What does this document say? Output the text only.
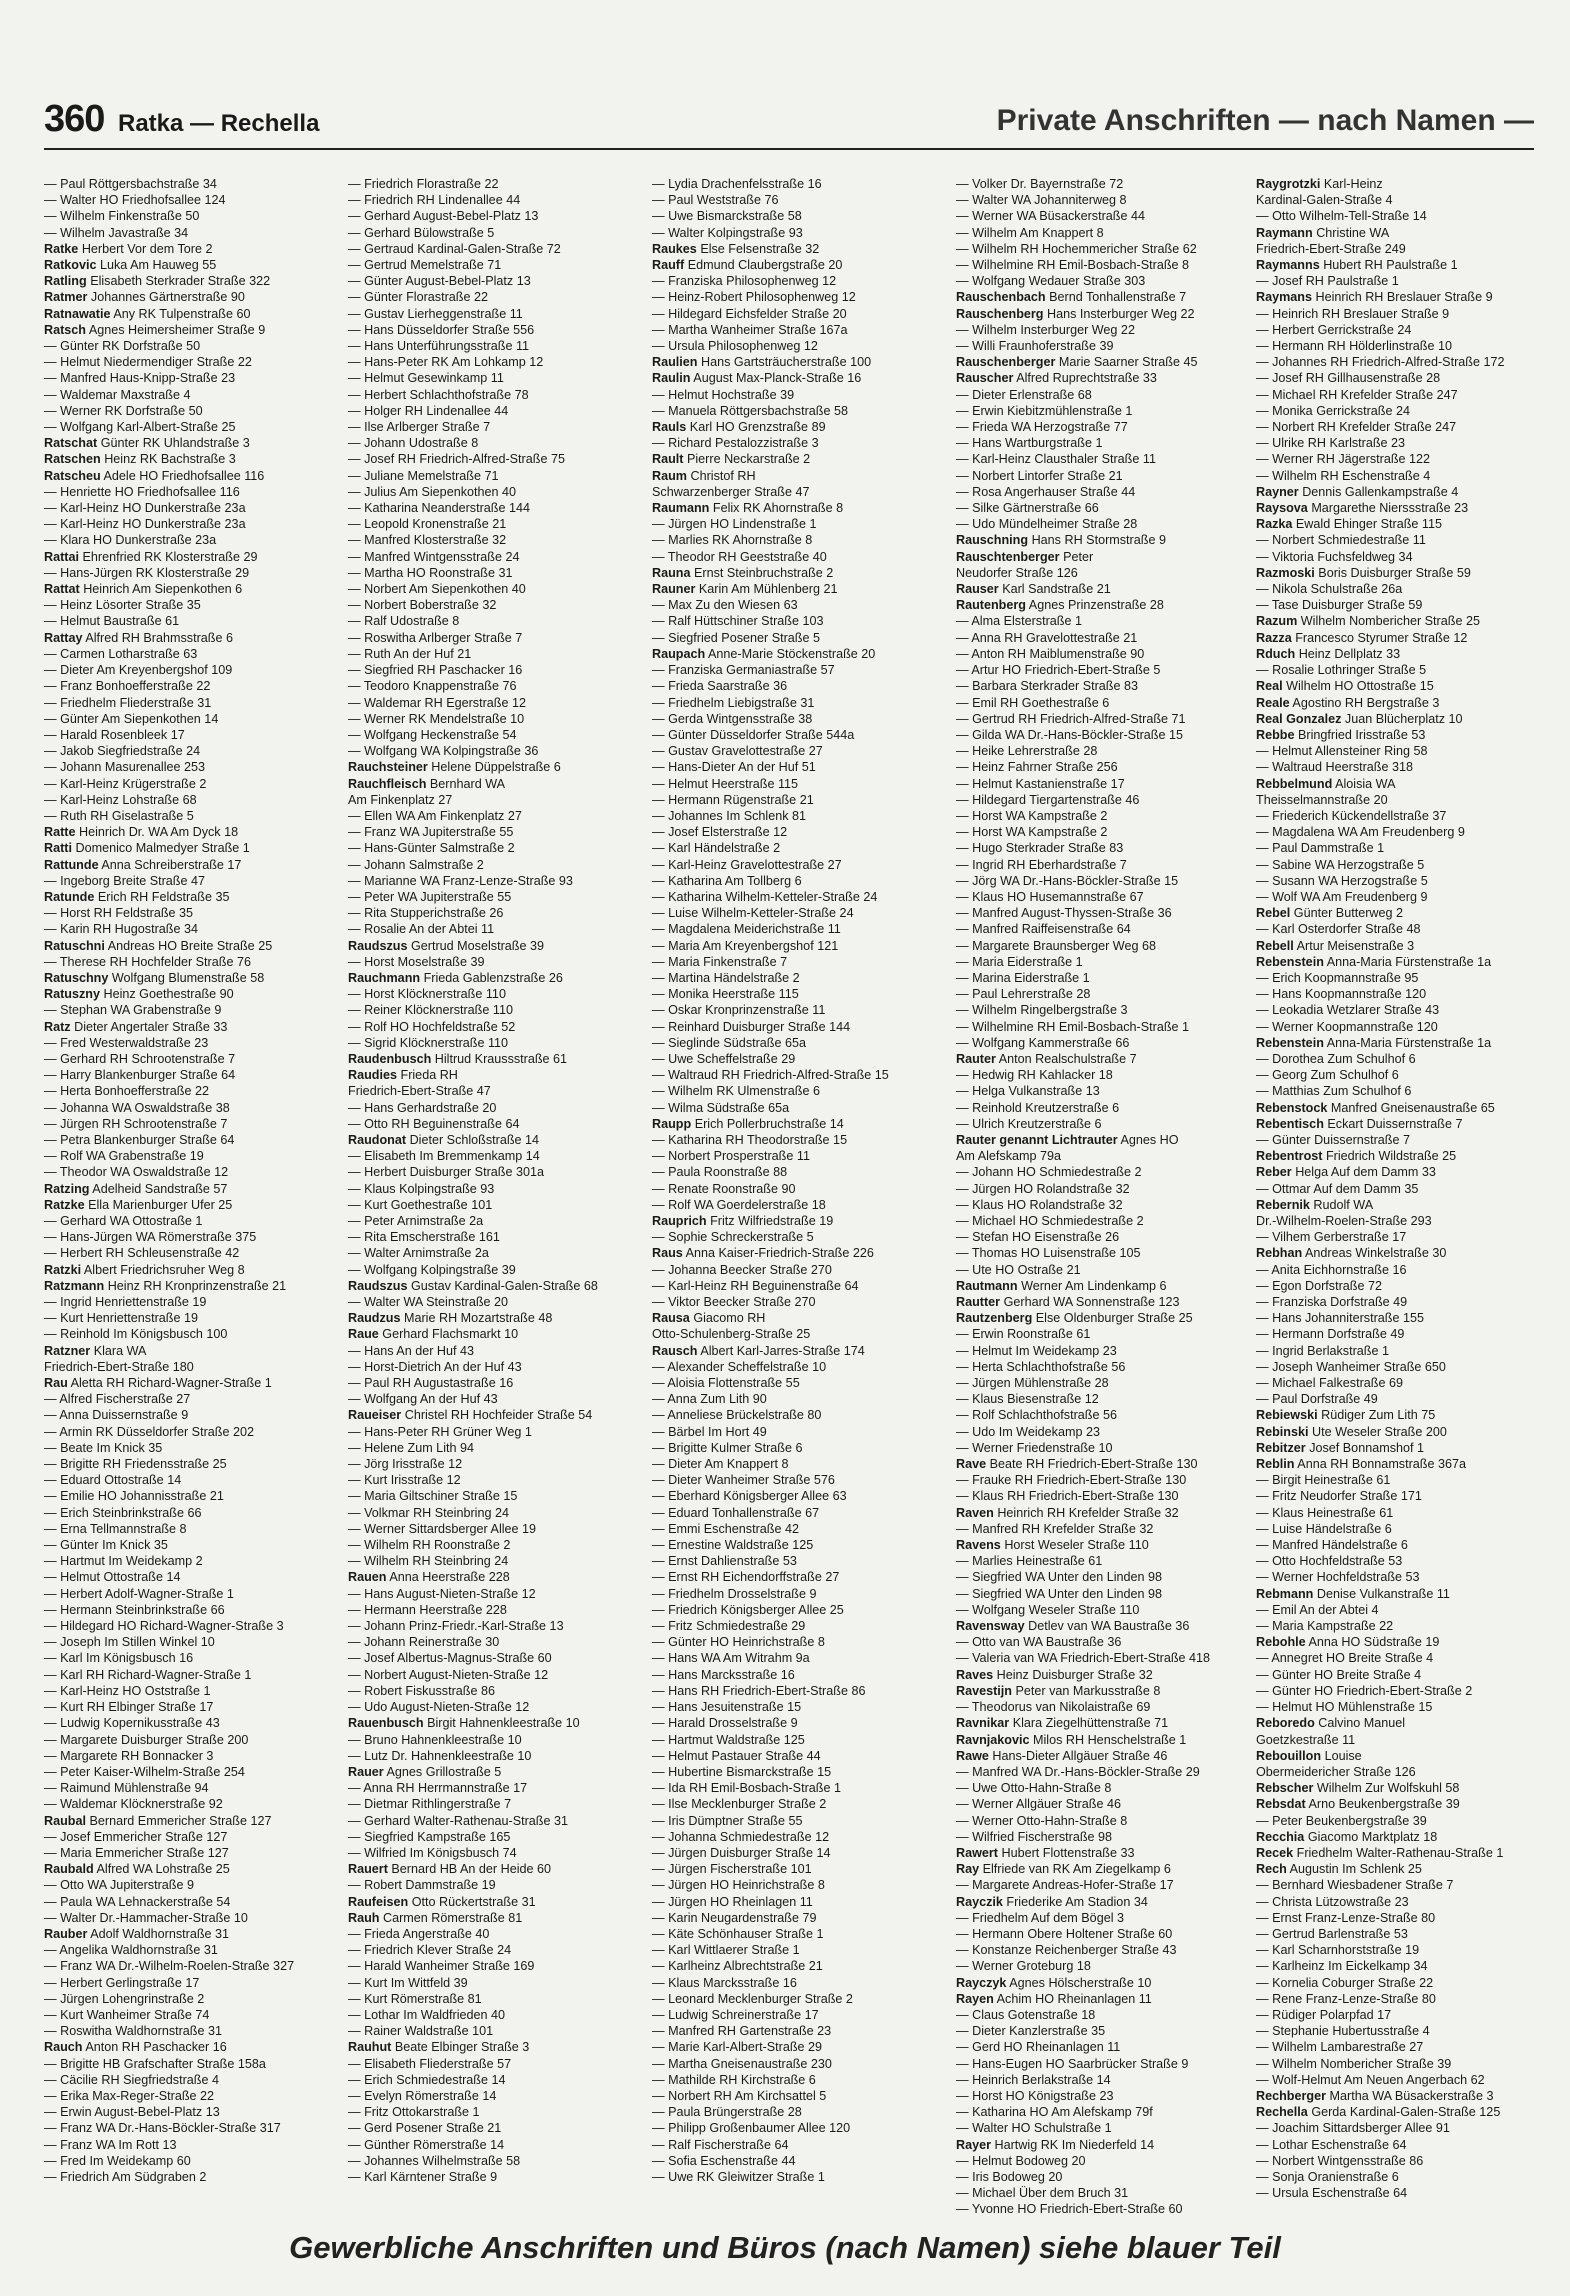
360 Ratka — Rechella	Private Anschriften — nach Namen —
— Paul Röttgersbachstraße 34
— Walter HO Friedhofsallee 124
— Wilhelm Finkenstraße 50
— Wilhelm Javastraße 34
Ratke Herbert Vor dem Tore 2
Ratkovic Luka Am Hauweg 55
Ratling Elisabeth Sterkrader Straße 322
Ratmer Johannes Gärtnerstraße 90
Ratnawatie Any RK Tulpenstraße 60
Ratsch Agnes Heimersheimer Straße 9
— Günter RK Dorfstraße 50
— Helmut Niedermendiger Straße 22
— Manfred Haus-Knipp-Straße 23
— Waldemar Maxstraße 4
— Werner RK Dorfstraße 50
— Wolfgang Karl-Albert-Straße 25
Ratschat Günter RK Uhlandstraße 3
Ratschen Heinz RK Bachstraße 3
Ratscheu Adele HO Friedhofsallee 116
— Henriette HO Friedhofsallee 116
— Karl-Heinz HO Dunkerstraße 23a
— Karl-Heinz HO Dunkerstraße 23a
— Klara HO Dunkerstraße 23a
Rattai Ehrenfried RK Klosterstraße 29
— Hans-Jürgen RK Klosterstraße 29
Rattat Heinrich Am Siepenkothen 6
— Heinz Lösorter Straße 35
— Helmut Baustraße 61
Rattay Alfred RH Brahmsstraße 6
— Carmen Lotharstraße 63
— Dieter Am Kreyenbergshof 109
— Franz Bonhoefferstraße 22
— Friedhelm Fliederstraße 31
— Günter Am Siepenkothen 14
— Harald Rosenbleek 17
— Jakob Siegfriedstraße 24
— Johann Masurenallee 253
— Karl-Heinz Krügerstraße 2
— Karl-Heinz Lohstraße 68
— Ruth RH Giselastraße 5
Ratte Heinrich Dr. WA Am Dyck 18
Ratti Domenico Malmedyer Straße 1
Rattunde Anna Schreiberstraße 17
— Ingeborg Breite Straße 47
Ratunde Erich RH Feldstraße 35
— Horst RH Feldstraße 35
— Karin RH Hugostraße 34
Ratuschni Andreas HO Breite Straße 25
— Therese RH Hochfelder Straße 76
Ratuschny Wolfgang Blumenstraße 58
Ratuszny Heinz Goethestraße 90
— Stephan WA Grabenstraße 9
Ratz Dieter Angertaler Straße 33
— Fred Westerwaldstraße 23
— Gerhard RH Schrootenstraße 7
— Harry Blankenburger Straße 64
— Herta Bonhoefferstraße 22
— Johanna WA Oswaldstraße 38
— Jürgen RH Schrootenstraße 7
— Petra Blankenburger Straße 64
— Rolf WA Grabenstraße 19
— Theodor WA Oswaldstraße 12
Ratzing Adelheid Sandstraße 57
Ratzke Ella Marienburger Ufer 25
— Gerhard WA Ottostraße 1
— Hans-Jürgen WA Römerstraße 375
— Herbert RH Schleusenstraße 42
Ratzki Albert Friedrichsruher Weg 8
Ratzmann Heinz RH Kronprinzenstraße 21
— Ingrid Henriettenstraße 19
— Kurt Henriettenstraße 19
— Reinhold Im Königsbusch 100
Ratzner Klara WA
Friedrich-Ebert-Straße 180
Rau Aletta RH Richard-Wagner-Straße 1
— Alfred Fischerstraße 27
— Anna Duissernstraße 9
— Armin RK Düsseldorfer Straße 202
— Beate Im Knick 35
— Brigitte RH Friedensstraße 25
— Eduard Ottostraße 14
— Emilie HO Johannisstraße 21
— Erich Steinbrinkstraße 66
— Erna Tellmannstraße 8
— Günter Im Knick 35
— Hartmut Im Weidekamp 2
— Helmut Ottostraße 14
— Herbert Adolf-Wagner-Straße 1
— Hermann Steinbrinkstraße 66
— Hildegard HO Richard-Wagner-Straße 3
— Joseph Im Stillen Winkel 10
— Karl Im Königsbusch 16
— Karl RH Richard-Wagner-Straße 1
— Karl-Heinz HO Oststraße 1
— Kurt RH Elbinger Straße 17
— Ludwig Kopernikusstraße 43
— Margarete Duisburger Straße 200
— Margarete RH Bonnacker 3
— Peter Kaiser-Wilhelm-Straße 254
— Raimund Mühlenstraße 94
— Waldemar Klöcknerstraße 92
Raubal Bernard Emmericher Straße 127
— Josef Emmericher Straße 127
— Maria Emmericher Straße 127
Raubald Alfred WA Lohstraße 25
— Otto WA Jupiterstraße 9
— Paula WA Lehnackerstraße 54
— Walter Dr.-Hammacher-Straße 10
Rauber Adolf Waldhornstraße 31
— Angelika Waldhornstraße 31
— Franz WA Dr.-Wilhelm-Roelen-Straße 327
— Herbert Gerlingstraße 17
— Jürgen Lohengrinstraße 2
— Kurt Wanheimer Straße 74
— Roswitha Waldhornstraße 31
Rauch Anton RH Paschacker 16
— Brigitte HB Grafschafter Straße 158a
— Cäcilie RH Siegfriedstraße 4
— Erika Max-Reger-Straße 22
— Erwin August-Bebel-Platz 13
— Franz WA Dr.-Hans-Böckler-Straße 317
— Franz WA Im Rott 13
— Fred Im Weidekamp 60
— Friedrich Am Südgraben 2
— Friedrich Florastraße 22
— Friedrich RH Lindenallee 44
— Gerhard August-Bebel-Platz 13
— Gerhard Bülowstraße 5
— Gertraud Kardinal-Galen-Straße 72
— Gertrud Memelstraße 71
— Günter August-Bebel-Platz 13
— Günter Florastraße 22
— Gustav Lierheggenstraße 11
— Hans Düsseldorfer Straße 556
— Hans Unterführungsstraße 11
— Hans-Peter RK Am Lohkamp 12
— Helmut Gesewinkamp 11
— Herbert Schlachthofstraße 78
— Holger RH Lindenallee 44
— Ilse Arlberger Straße 7
— Johann Udostraße 8
— Josef RH Friedrich-Alfred-Straße 75
— Juliane Memelstraße 71
— Julius Am Siepenkothen 40
— Katharina Neanderstraße 144
— Leopold Kronenstraße 21
— Manfred Klosterstraße 32
— Manfred Wintgensstraße 24
— Martha HO Roonstraße 31
— Norbert Am Siepenkothen 40
— Norbert Boberstraße 32
— Ralf Udostraße 8
— Roswitha Arlberger Straße 7
— Ruth An der Huf 21
— Siegfried RH Paschacker 16
— Teodoro Knappenstraße 76
— Waldemar RH Egerstraße 12
— Werner RK Mendelstraße 10
— Wolfgang Heckenstraße 54
— Wolfgang WA Kolpingstraße 36
Rauchsteiner Helene Düppelstraße 6
Rauchfleisch Bernhard WA
Am Finkenplatz 27
— Ellen WA Am Finkenplatz 27
— Franz WA Jupiterstraße 55
— Hans-Günter Salmstraße 2
— Johann Salmstraße 2
— Marianne WA Franz-Lenze-Straße 93
— Peter WA Jupiterstraße 55
— Rita Stupperichstraße 26
— Rosalie An der Abtei 11
Raudszus Gertrud Moselstraße 39
— Horst Moselstraße 39
Rauchmann Frieda Gablenzstraße 26
— Horst Klöcknerstraße 110
— Reiner Klöcknerstraße 110
— Rolf HO Hochfeldstraße 52
— Sigrid Klöcknerstraße 110
Raudenbusch Hiltrud Kraussstraße 61
Raudies Frieda RH
Friedrich-Ebert-Straße 47
— Hans Gerhardstraße 20
— Otto RH Beguinenstraße 64
Raudonat Dieter Schloßstraße 14
— Elisabeth Im Bremmenkamp 14
— Herbert Duisburger Straße 301a
— Klaus Kolpingstraße 93
— Kurt Goethestraße 101
— Peter Arnimstraße 2a
— Rita Emscherstraße 161
— Walter Arnimstraße 2a
— Wolfgang Kolpingstraße 39
Raudszus Gustav Kardinal-Galen-Straße 68
— Walter WA Steinstraße 20
Raudzus Marie RH Mozartstraße 48
Raue Gerhard Flachsmarkt 10
— Hans An der Huf 43
— Horst-Dietrich An der Huf 43
— Paul RH Augustastraße 16
— Wolfgang An der Huf 43
Raueiser Christel RH Hochfeider Straße 54
— Hans-Peter RH Grüner Weg 1
— Helene Zum Lith 94
— Jörg Irisstraße 12
— Kurt Irisstraße 12
— Maria Giltschiner Straße 15
— Volkmar RH Steinbring 24
— Werner Sittardsberger Allee 19
— Wilhelm RH Roonstraße 2
— Wilhelm RH Steinbring 24
Rauen Anna Heerstraße 228
— Hans August-Nieten-Straße 12
— Hermann Heerstraße 228
— Johann Prinz-Friedr.-Karl-Straße 13
— Johann Reinerstraße 30
— Josef Albertus-Magnus-Straße 60
— Norbert August-Nieten-Straße 12
— Robert Fiskusstraße 86
— Udo August-Nieten-Straße 12
Rauenbusch Birgit Hahnenkleestraße 10
— Bruno Hahnenkleestraße 10
— Lutz Dr. Hahnenkleestraße 10
Rauer Agnes Grillostraße 5
— Anna RH Herrmannstraße 17
— Dietmar Rithlingerstraße 7
— Gerhard Walter-Rathenau-Straße 31
— Siegfried Kampstraße 165
— Wilfried Im Königsbusch 74
Rauert Bernard HB An der Heide 60
— Robert Dammstraße 19
Raufeisen Otto Rückertstraße 31
Rauh Carmen Römerstraße 81
— Frieda Angerstraße 40
— Friedrich Klever Straße 24
— Harald Wanheimer Straße 169
— Kurt Im Wittfeld 39
— Kurt Römerstraße 81
— Lothar Im Waldfrieden 40
— Rainer Waldstraße 101
Rauhut Beate Elbinger Straße 3
— Elisabeth Fliederstraße 57
— Erich Schmiedestraße 14
— Evelyn Römerstraße 14
— Fritz Ottokarstraße 1
— Gerd Posener Straße 21
— Günther Römerstraße 14
— Johannes Wilhelmstraße 58
— Karl Kärntener Straße 9
— Lydia Drachenfelsstraße 16
— Paul Weststraße 76
— Uwe Bismarckstraße 58
— Walter Kolpingstraße 93
Raukes Else Felsenstraße 32
Rauff Edmund Claubergstraße 20
— Franziska Philosophenweg 12
— Heinz-Robert Philosophenweg 12
— Hildegard Eichsfelder Straße 20
— Martha Wanheimer Straße 167a
— Ursula Philosophenweg 12
Raulien Hans Gartsträucherstraße 100
Raulin August Max-Planck-Straße 16
— Helmut Hochstraße 39
— Manuela Röttgersbachstraße 58
Rauls Karl HO Grenzstraße 89
— Richard Pestalozzistraße 3
Rault Pierre Neckarstraße 2
Raum Christof RH
Schwarzenberger Straße 47
Raumann Felix RK Ahornstraße 8
— Jürgen HO Lindenstraße 1
— Marlies RK Ahornstraße 8
— Theodor RH Geeststraße 40
Rauna Ernst Steinbruchstraße 2
Rauner Karin Am Mühlenberg 21
— Max Zu den Wiesen 63
— Ralf Hüttschiner Straße 103
— Siegfried Posener Straße 5
Raupach Anne-Marie Stöckenstraße 20
— Franziska Germaniastraße 57
— Frieda Saarstraße 36
— Friedhelm Liebigstraße 31
— Gerda Wintgensstraße 38
— Günter Düsseldorfer Straße 544a
— Gustav Gravelottestraße 27
— Hans-Dieter An der Huf 51
— Helmut Heerstraße 115
— Hermann Rügenstraße 21
— Johannes Im Schlenk 81
— Josef Elsterstraße 12
— Karl Händelstraße 2
— Karl-Heinz Gravelottestraße 27
— Katharina Am Tollberg 6
— Katharina Wilhelm-Ketteler-Straße 24
— Luise Wilhelm-Ketteler-Straße 24
— Magdalena Meiderichstraße 11
— Maria Am Kreyenbergshof 121
— Maria Finkenstraße 7
— Martina Händelstraße 2
— Monika Heerstraße 115
— Oskar Kronprinzenstraße 11
— Reinhard Duisburger Straße 144
— Sieglinde Südstraße 65a
— Uwe Scheffelstraße 29
— Waltraud RH Friedrich-Alfred-Straße 15
— Wilhelm RK Ulmenstraße 6
— Wilma Südstraße 65a
Raupp Erich Pollerbruchstraße 14
— Katharina RH Theodorstraße 15
— Norbert Prosperstraße 11
— Paula Roonstraße 88
— Renate Roonstraße 90
— Rolf WA Goerdelerstraße 18
Rauprich Fritz Wilfriedstraße 19
— Sophie Schreckerstraße 5
Raus Anna Kaiser-Friedrich-Straße 226
— Johanna Beecker Straße 270
— Karl-Heinz RH Beguinenstraße 64
— Viktor Beecker Straße 270
Rausa Giacomo RH
Otto-Schulenberg-Straße 25
Rausch Albert Karl-Jarres-Straße 174
— Alexander Scheffelstraße 10
— Aloisia Flottenstraße 55
— Anna Zum Lith 90
— Anneliese Brückelstraße 80
— Bärbel Im Hort 49
— Brigitte Kulmer Straße 6
— Dieter Am Knappert 8
— Dieter Wanheimer Straße 576
— Eberhard Königsberger Allee 63
— Eduard Tonhallenstraße 67
— Emmi Eschenstraße 42
— Ernestine Waldstraße 125
— Ernst Dahlienstraße 53
— Ernst RH Eichendorffstraße 27
— Friedhelm Drosselstraße 9
— Friedrich Königsberger Allee 25
— Fritz Schmiedestraße 29
— Günter HO Heinrichstraße 8
— Hans WA Am Witrahm 9a
— Hans Marcksstraße 16
— Hans RH Friedrich-Ebert-Straße 86
— Hans Jesuitenstraße 15
— Harald Drosselstraße 9
— Hartmut Waldstraße 125
— Helmut Pastauer Straße 44
— Hubertine Bismarckstraße 15
— Ida RH Emil-Bosbach-Straße 1
— Ilse Mecklenburger Straße 2
— Iris Dümptner Straße 55
— Johanna Schmiedestraße 12
— Jürgen Duisburger Straße 14
— Jürgen Fischerstraße 101
— Jürgen HO Heinrichstraße 8
— Jürgen HO Rheinlagen 11
— Karin Neugardenstraße 79
— Käte Schönhauser Straße 1
— Karl Wittlaerer Straße 1
— Karlheinz Albrechtstraße 21
— Klaus Marcksstraße 16
— Leonard Mecklenburger Straße 2
— Ludwig Schreinerstraße 17
— Manfred RH Gartenstraße 23
— Marie Karl-Albert-Straße 29
— Martha Gneisenaustraße 230
— Mathilde RH Kirchstraße 6
— Norbert RH Am Kirchsattel 5
— Paula Brüngerstraße 28
— Philipp Großenbaumer Allee 120
— Ralf Fischerstraße 64
— Sofia Eschenstraße 44
— Uwe RK Gleiwitzer Straße 1
— Volker Dr. Bayernstraße 72
— Walter WA Johanniterweg 8
— Werner WA Büsackerstraße 44
— Wilhelm Am Knappert 8
— Wilhelm RH Hochemmericher Straße 62
— Wilhelmine RH Emil-Bosbach-Straße 8
— Wolfgang Wedauer Straße 303
Rauschenbach Bernd Tonhallenstraße 7
Rauschenberg Hans Insterburger Weg 22
— Wilhelm Insterburger Weg 22
— Willi Fraunhoferstraße 39
Rauschenberger Marie Saarner Straße 45
Rauscher Alfred Ruprechtstraße 33
— Dieter Erlenstraße 68
— Erwin Kiebitzmühlenstraße 1
— Frieda WA Herzogstraße 77
— Hans Wartburgstraße 1
— Karl-Heinz Clausthaler Straße 11
— Norbert Lintorfer Straße 21
— Rosa Angerhauser Straße 44
— Silke Gärtnerstraße 66
— Udo Mündelheimer Straße 28
Rauschning Hans RH Stormstraße 9
Rauschtenberger Peter
Neudorfer Straße 126
Rauser Karl Sandstraße 21
Rautenberg Agnes Prinzenstraße 28
— Alma Elsterstraße 1
— Anna RH Gravelottestraße 21
— Anton RH Maiblumenstraße 90
— Artur HO Friedrich-Ebert-Straße 5
— Barbara Sterkrader Straße 83
— Emil RH Goethestraße 6
— Gertrud RH Friedrich-Alfred-Straße 71
— Gilda WA Dr.-Hans-Böckler-Straße 15
— Heike Lehrerstraße 28
— Heinz Fahrner Straße 256
— Helmut Kastanienstraße 17
— Hildegard Tiergartenstraße 46
— Horst WA Kampstraße 2
— Horst WA Kampstraße 2
— Hugo Sterkrader Straße 83
— Ingrid RH Eberhardstraße 7
— Jörg WA Dr.-Hans-Böckler-Straße 15
— Klaus HO Husemannstraße 67
— Manfred August-Thyssen-Straße 36
— Manfred Raiffeisenstraße 64
— Margarete Braunsberger Weg 68
— Maria Eiderstraße 1
— Marina Eiderstraße 1
— Paul Lehrerstraße 28
— Wilhelm Ringelbergstraße 3
— Wilhelmine RH Emil-Bosbach-Straße 1
— Wolfgang Kammerstraße 66
Rauter Anton Realschulstraße 7
— Hedwig RH Kahlacker 18
— Helga Vulkanstraße 13
— Reinhold Kreutzerstraße 6
— Ulrich Kreutzerstraße 6
Rauter genannt Lichtrauter Agnes HO
Am Alefskamp 79a
— Johann HO Schmiedestraße 2
— Jürgen HO Rolandstraße 32
— Klaus HO Rolandstraße 32
— Michael HO Schmiedestraße 2
— Stefan HO Eisenstraße 26
— Thomas HO Luisenstraße 105
— Ute HO Ostraße 21
Rautmann Werner Am Lindenkamp 6
Rautter Gerhard WA Sonnenstraße 123
Rautzenberg Else Oldenburger Straße 25
— Erwin Roonstraße 61
— Helmut Im Weidekamp 23
— Herta Schlachthofstraße 56
— Jürgen Mühlenstraße 28
— Klaus Biesenstraße 12
— Rolf Schlachthofstraße 56
— Udo Im Weidekamp 23
— Werner Friedenstraße 10
Rave Beate RH Friedrich-Ebert-Straße 130
— Frauke RH Friedrich-Ebert-Straße 130
— Klaus RH Friedrich-Ebert-Straße 130
Raven Heinrich RH Krefelder Straße 32
— Manfred RH Krefelder Straße 32
Ravens Horst Weseler Straße 110
— Marlies Heinestraße 61
— Siegfried WA Unter den Linden 98
— Siegfried WA Unter den Linden 98
— Wolfgang Weseler Straße 110
Ravensway Detlev van WA Baustraße 36
— Otto van WA Baustraße 36
— Valeria van WA Friedrich-Ebert-Straße 418
Raves Heinz Duisburger Straße 32
Ravestijn Peter van Markusstraße 8
— Theodorus van Nikolaistraße 69
Ravnikar Klara Ziegelhüttenstraße 71
Ravnjakovic Milos RH Henschelstraße 1
Rawe Hans-Dieter Allgäuer Straße 46
— Manfred WA Dr.-Hans-Böckler-Straße 29
— Uwe Otto-Hahn-Straße 8
— Werner Allgäuer Straße 46
— Werner Otto-Hahn-Straße 8
— Wilfried Fischerstraße 98
Rawert Hubert Flottenstraße 33
Ray Elfriede van RK Am Ziegelkamp 6
— Margarete Andreas-Hofer-Straße 17
Rayczik Friederike Am Stadion 34
— Friedhelm Auf dem Bögel 3
— Hermann Obere Holtener Straße 60
— Konstanze Reichenberger Straße 43
— Werner Groteburg 18
Rayczyk Agnes Hölscherstraße 10
Rayen Achim HO Rheinanlagen 11
— Claus Gotenstraße 18
— Dieter Kanzlerstraße 35
— Gerd HO Rheinanlagen 11
— Hans-Eugen HO Saarbrücker Straße 9
— Heinrich Berlakstraße 14
— Horst HO Königstraße 23
— Katharina HO Am Alefskamp 79f
— Walter HO Schulstraße 1
Rayer Hartwig RK Im Niederfeld 14
— Helmut Bodoweg 20
— Iris Bodoweg 20
— Michael Über dem Bruch 31
— Yvonne HO Friedrich-Ebert-Straße 60
Raygrotzki Karl-Heinz
Kardinal-Galen-Straße 4
— Otto Wilhelm-Tell-Straße 14
Raymann Christine WA
Friedrich-Ebert-Straße 249
Raymanns Hubert RH Paulstraße 1
— Josef RH Paulstraße 1
Raymans Heinrich RH Breslauer Straße 9
— Heinrich RH Breslauer Straße 9
— Herbert Gerrickstraße 24
— Hermann RH Hölderlinstraße 10
— Johannes RH Friedrich-Alfred-Straße 172
— Josef RH Gillhausenstraße 28
— Michael RH Krefelder Straße 247
— Monika Gerrickstraße 24
— Norbert RH Krefelder Straße 247
— Ulrike RH Karlstraße 23
— Werner RH Jägerstraße 122
— Wilhelm RH Eschenstraße 4
Rayner Dennis Gallenkampstraße 4
Raysova Margarethe Nierssstraße 23
Razka Ewald Ehinger Straße 115
— Norbert Schmiedestraße 11
— Viktoria Fuchsfeldweg 34
Razmoski Boris Duisburger Straße 59
— Nikola Schulstraße 26a
— Tase Duisburger Straße 59
Razum Wilhelm Nombericher Straße 25
Razza Francesco Styrumer Straße 12
Rduch Heinz Dellplatz 33
— Rosalie Lothringer Straße 5
Real Wilhelm HO Ottostraße 15
Reale Agostino RH Bergstraße 3
Real Gonzalez Juan Blücherplatz 10
Rebbe Bringfried Irisstraße 53
— Helmut Allensteiner Ring 58
— Waltraud Heerstraße 318
Rebbelmund Aloisia WA
Theisselmannstraße 20
— Friederich Kückendellstraße 37
— Magdalena WA Am Freudenberg 9
— Paul Dammstraße 1
— Sabine WA Herzogstraße 5
— Susann WA Herzogstraße 5
— Wolf WA Am Freudenberg 9
Rebel Günter Butterweg 2
— Karl Osterdorfer Straße 48
Rebell Artur Meisenstraße 3
Rebenstein Anna-Maria Fürstenstraße 1a
— Erich Koopmannstraße 95
— Hans Koopmannstraße 120
— Leokadia Wetzlarer Straße 43
— Werner Koopmannstraße 120
Rebenstein Anna-Maria Fürstenstraße 1a
— Dorothea Zum Schulhof 6
— Georg Zum Schulhof 6
— Matthias Zum Schulhof 6
Rebenstock Manfred Gneisenaustraße 65
Rebentisch Eckart Duissernstraße 7
— Günter Duissernstraße 7
Rebentrost Friedrich Wildstraße 25
Reber Helga Auf dem Damm 33
— Ottmar Auf dem Damm 35
Rebernik Rudolf WA
Dr.-Wilhelm-Roelen-Straße 293
— Vilhem Gerberstraße 17
Rebhan Andreas Winkelstraße 30
— Anita Eichhornstraße 16
— Egon Dorfstraße 72
— Franziska Dorfstraße 49
— Hans Johanniterstraße 155
— Hermann Dorfstraße 49
— Ingrid Berlakstraße 1
— Joseph Wanheimer Straße 650
— Michael Falkestraße 69
— Paul Dorfstraße 49
Rebiewski Rüdiger Zum Lith 75
Rebinski Ute Weseler Straße 200
Rebitzer Josef Bonnamshof 1
Reblin Anna RH Bonnamstraße 367a
— Birgit Heinestraße 61
— Fritz Neudorfer Straße 171
— Klaus Heinestraße 61
— Luise Händelstraße 6
— Manfred Händelstraße 6
— Otto Hochfeldstraße 53
— Werner Hochfeldstraße 53
Rebmann Denise Vulkanstraße 11
— Emil An der Abtei 4
— Maria Kampstraße 22
Rebohle Anna HO Südstraße 19
— Annegret HO Breite Straße 4
— Günter HO Breite Straße 4
— Günter HO Friedrich-Ebert-Straße 2
— Helmut HO Mühlenstraße 15
Reboredo Calvino Manuel
Goetzkestraße 11
Rebouillon Louise
Obermeidericher Straße 126
Rebscher Wilhelm Zur Wolfskuhl 58
Rebsdat Arno Beukenbergstraße 39
— Peter Beukenbergstraße 39
Recchia Giacomo Marktplatz 18
Recek Friedhelm Walter-Rathenau-Straße 1
Rech Augustin Im Schlenk 25
— Bernhard Wiesbadener Straße 7
— Christa Lützowstraße 23
— Ernst Franz-Lenze-Straße 80
— Gertrud Barlenstraße 53
— Karl Scharnhorststraße 19
— Karlheinz Im Eickelkamp 34
— Kornelia Coburger Straße 22
— Rene Franz-Lenze-Straße 80
— Rüdiger Polarpfad 17
— Stephanie Hubertusstraße 4
— Wilhelm Lambarestraße 27
— Wilhelm Nombericher Straße 39
— Wolf-Helmut Am Neuen Angerbach 62
Rechberger Martha WA Büsackerstraße 3
Rechella Gerda Kardinal-Galen-Straße 125
— Joachim Sittardsberger Allee 91
— Lothar Eschenstraße 64
— Norbert Wintgensstraße 86
— Sonja Oranienstraße 6
— Ursula Eschenstraße 64
Gewerbliche Anschriften und Büros (nach Namen) siehe blauer Teil
